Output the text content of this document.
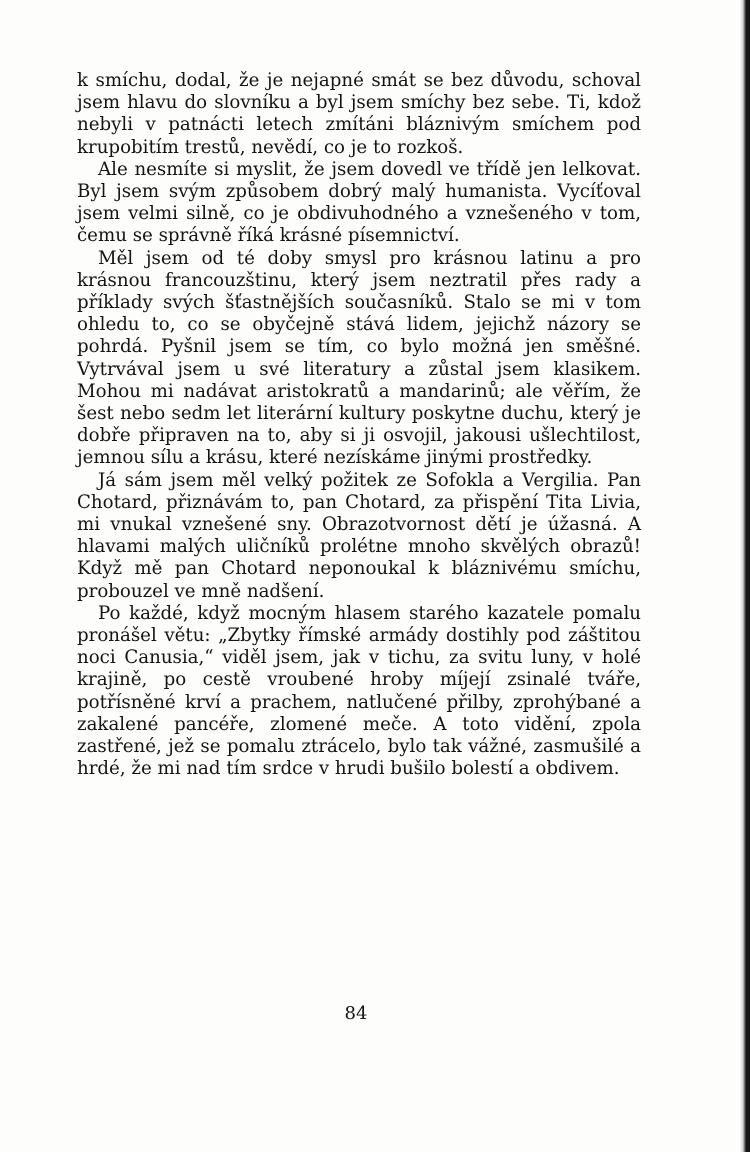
k smíchu, dodal, že je nejapné smát se bez důvodu, schoval jsem hlavu do slovníku a byl jsem smíchy bez sebe. Ti, kdož nebyli v patnácti letech zmítáni bláznivým smíchem pod krupobitím trestů, nevědí, co je to rozkoš.

Ale nesmíte si myslit, že jsem dovedl ve třídě jen lelkovat. Byl jsem svým způsobem dobrý malý humanista. Vycíťoval jsem velmi silně, co je obdivuhodného a vznešeného v tom, čemu se správně říká krásné písemnictví.

Měl jsem od té doby smysl pro krásnou latinu a pro krásnou francouzštinu, který jsem neztratil přes rady a příklady svých šťastnějších současníků. Stalo se mi v tom ohledu to, co se obyčejně stává lidem, jejichž názory se pohrdá. Pyšnil jsem se tím, co bylo možná jen směšné. Vytrvával jsem u své literatury a zůstal jsem klasikem. Mohou mi nadávat aristokratů a mandarinů; ale věřím, že šest nebo sedm let literární kultury poskytne duchu, který je dobře připraven na to, aby si ji osvojil, jakousi ušlechtilost, jemnou sílu a krásu, které nezískáme jinými prostředky.

Já sám jsem měl velký požitek ze Sofokla a Vergilia. Pan Chotard, přiznávám to, pan Chotard, za přispění Tita Livia, mi vnukal vznešené sny. Obrazotvornost dětí je úžasná. A hlavami malých uličníků prolétne mnoho skvělých obrazů! Když mě pan Chotard neponoukal k bláznivému smíchu, probouzel ve mně nadšení.

Po každé, když mocným hlasem starého kazatele pomalu pronášel větu: „Zbytky římské armády dostihly pod záštitou noci Canusia,“ viděl jsem, jak v tichu, za svitu luny, v holé krajině, po cestě vroubené hroby míjejí zsinalé tváře, potřísněné krví a prachem, natlučené přilby, zprohýbané a zakalené pancéře, zlomené meče. A toto vidění, zpola zastřené, jež se pomalu ztrácelo, bylo tak vážné, zasmušilé a hrdé, že mi nad tím srdce v hrudi bušilo bolestí a obdivem.

84
